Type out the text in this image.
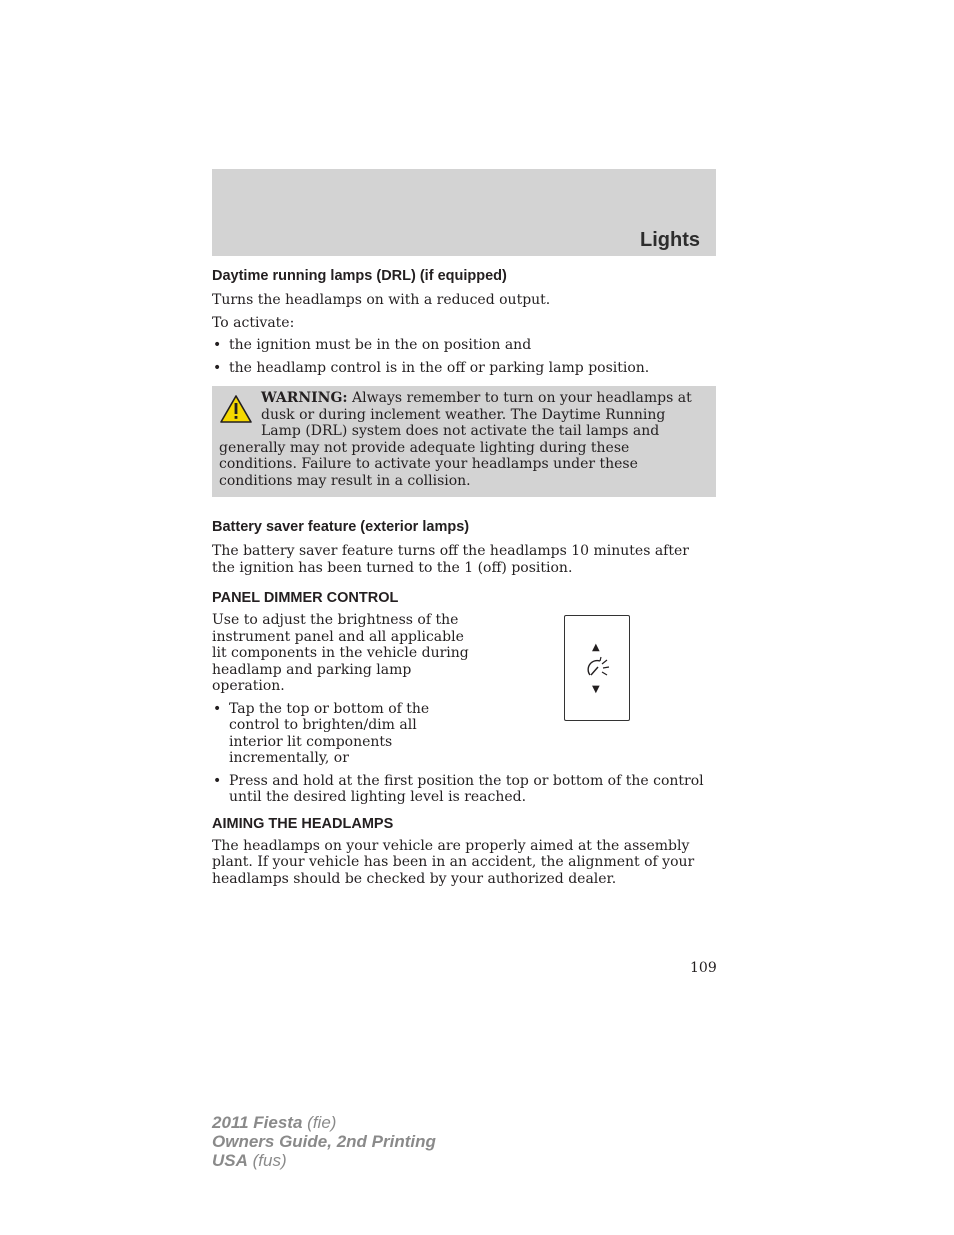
Lights
Daytime running lamps (DRL) (if equipped)

Turns the headlamps on with a reduced output.

To activate:

• the ignition must be in the on position and
• the headlamp control is in the off or parking lamp position.
WARNING: Always remember to turn on your headlamps at dusk or during inclement weather. The Daytime Running Lamp (DRL) system does not activate the tail lamps and generally may not provide adequate lighting during these conditions. Failure to activate your headlamps under these conditions may result in a collision.
Battery saver feature (exterior lamps)

The battery saver feature turns off the headlamps 10 minutes after the ignition has been turned to the 1 (off) position.

PANEL DIMMER CONTROL

Use to adjust the brightness of the instrument panel and all applicable lit components in the vehicle during headlamp and parking lamp operation.

• Tap the top or bottom of the control to brighten/dim all interior lit components incrementally, or
▲
▼
• Press and hold at the first position the top or bottom of the control until the desired lighting level is reached.
AIMING THE HEADLAMPS

The headlamps on your vehicle are properly aimed at the assembly plant. If your vehicle has been in an accident, the alignment of your headlamps should be checked by your authorized dealer.

109
2011 Fiesta (fie)
Owners Guide, 2nd Printing
USA (fus)
